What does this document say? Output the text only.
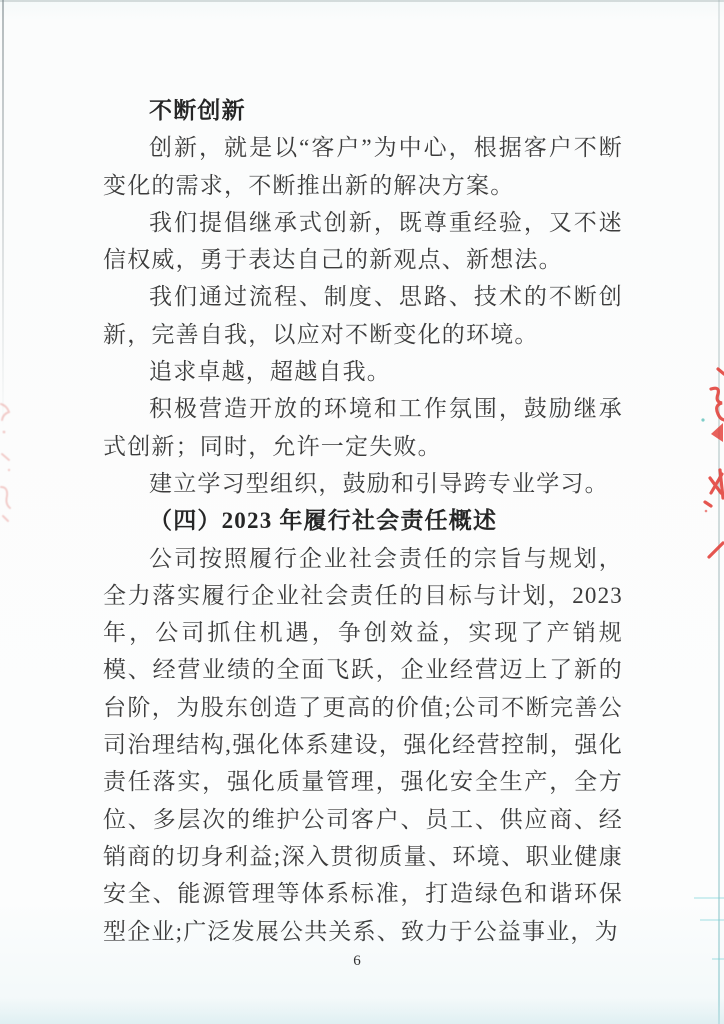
不断创新

创新，就是以“客户”为中心，根据客户不断变化的需求，不断推出新的解决方案。

我们提倡继承式创新，既尊重经验，又不迷信权威，勇于表达自己的新观点、新想法。

我们通过流程、制度、思路、技术的不断创新，完善自我，以应对不断变化的环境。

追求卓越，超越自我。

积极营造开放的环境和工作氛围，鼓励继承式创新；同时，允许一定失败。

建立学习型组织，鼓励和引导跨专业学习。

（四）2023 年履行社会责任概述

公司按照履行企业社会责任的宗旨与规划，全力落实履行企业社会责任的目标与计划，2023 年，公司抓住机遇，争创效益，实现了产销规模、经营业绩的全面飞跃，企业经营迈上了新的台阶，为股东创造了更高的价值;公司不断完善公司治理结构,强化体系建设，强化经营控制，强化责任落实，强化质量管理，强化安全生产，全方位、多层次的维护公司客户、员工、供应商、经销商的切身利益;深入贯彻质量、环境、职业健康安全、能源管理等体系标准，打造绿色和谐环保型企业;广泛发展公共关系、致力于公益事业，为

6
